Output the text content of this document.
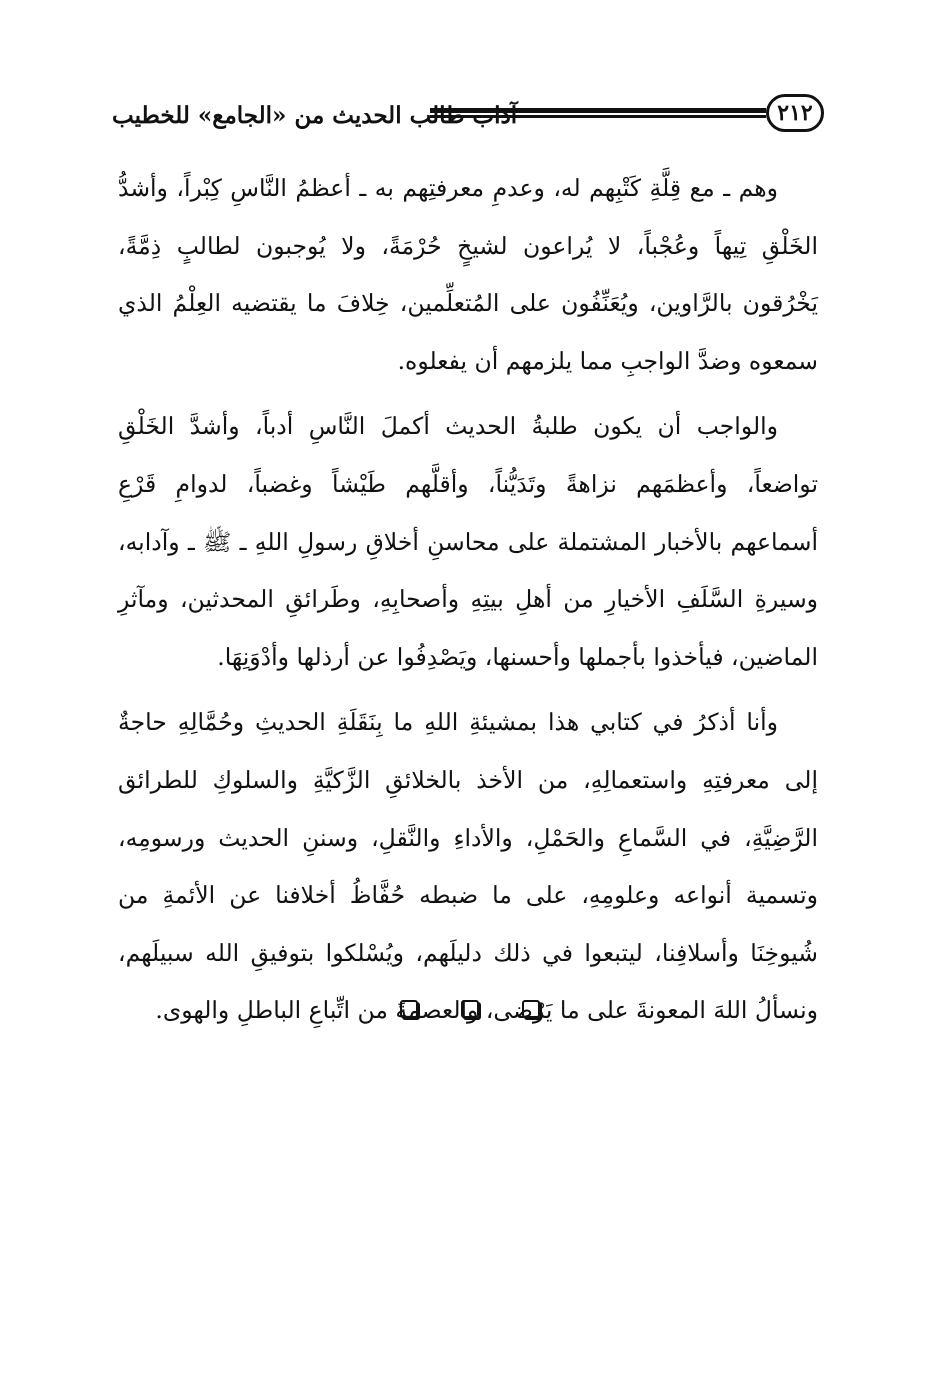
آداب طالب الحديث من «الجامع» للخطيب	٢١٢

وهم ـ مع قِلَّةِ كَتْبِهم له، وعدمِ معرفتِهم به ـ أعظمُ النَّاسِ كِبْراً، وأشدُّ الخَلْقِ تِيهاً وعُجْباً، لا يُراعون لشيخٍ حُرْمَةً، ولا يُوجبون لطالبٍ ذِمَّةً، يَخْرُقون بالرَّاوين، ويُعَنِّفُون على المُتعلِّمين، خِلافَ ما يقتضيه العِلْمُ الذي سمعوه وضدَّ الواجبِ مما يلزمهم أن يفعلوه.

والواجب أن يكون طلبةُ الحديث أكملَ النَّاسِ أدباً، وأشدَّ الخَلْقِ تواضعاً، وأعظمَهم نزاهةً وتَدَيُّناً، وأقلَّهم طَيْشاً وغضباً، لدوامِ قَرْعِ أسماعهم بالأخبار المشتملة على محاسنِ أخلاقِ رسولِ اللهِ ـ ﷺ ـ وآدابه، وسيرةِ السَّلَفِ الأخيارِ من أهلِ بيتِهِ وأصحابِهِ، وطَرائقِ المحدثين، ومآثرِ الماضين، فيأخذوا بأجملها وأحسنها، ويَصْدِفُوا عن أرذلها وأدْوَنِهَا.

وأنا أذكرُ في كتابي هذا بمشيئةِ اللهِ ما بِنَقَلَةِ الحديثِ وحُمَّالِهِ حاجةٌ إلى معرفتِهِ واستعمالِهِ، من الأخذ بالخلائقِ الزَّكيَّةِ والسلوكِ للطرائق الرَّضِيَّةِ، في السَّماعِ والحَمْلِ، والأداءِ والنَّقلِ، وسننِ الحديث ورسومِه، وتسمية أنواعه وعلومِهِ، على ما ضبطه حُفَّاظُ أخلافنا عن الأئمةِ من شُيوخِنَا وأسلافِنا، ليتبعوا في ذلك دليلَهم، ويُسْلكوا بتوفيقِ الله سبيلَهم، ونسألُ اللهَ المعونةَ على ما يَرْضى، والعصمةَ من اتِّباعِ الباطلِ والهوى.
